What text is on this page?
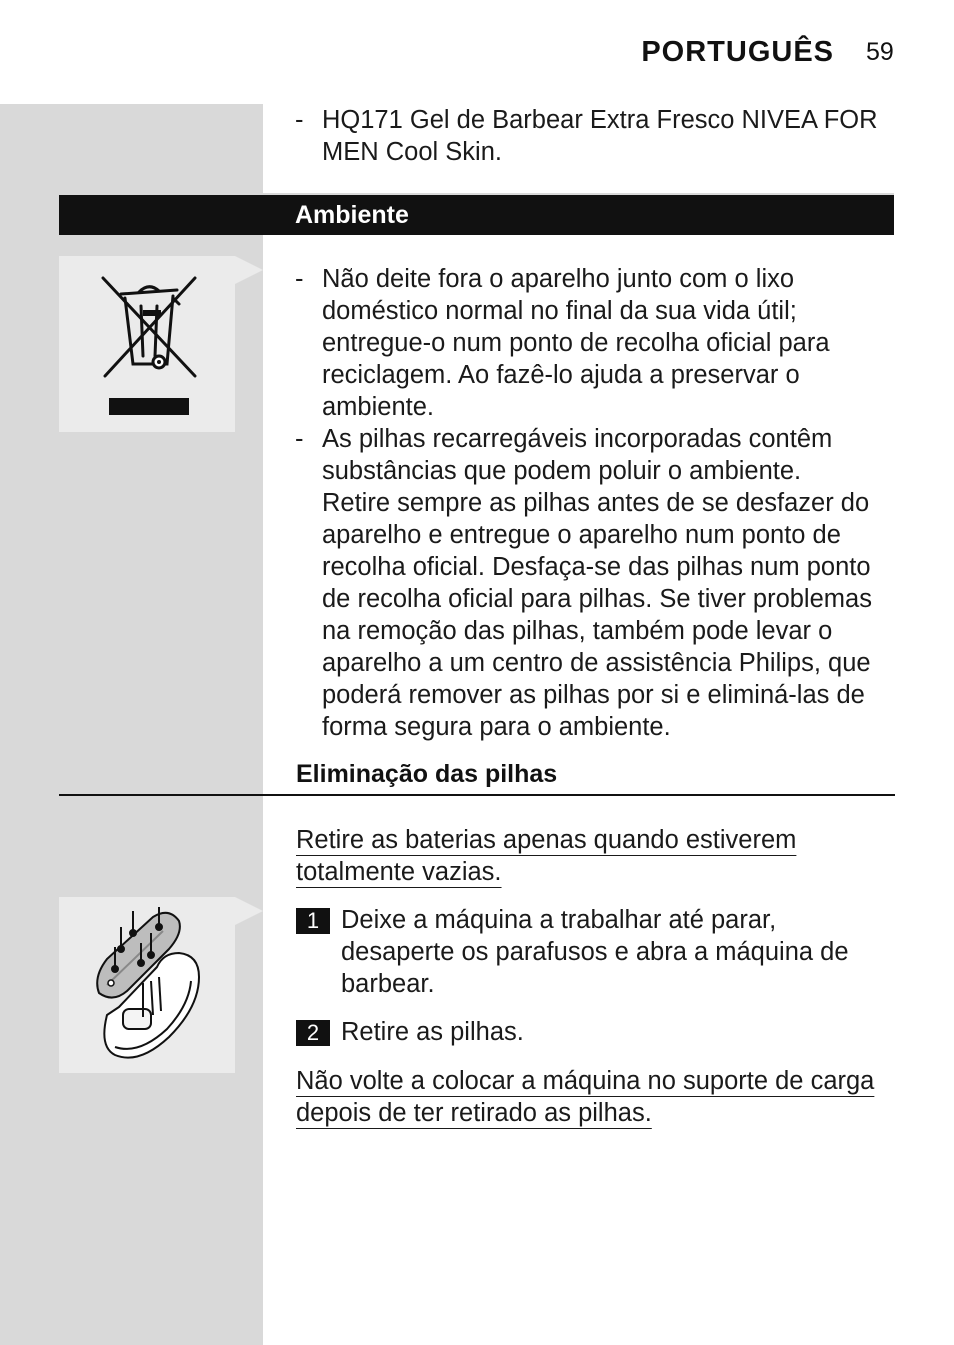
PORTUGUÊS 59
- HQ171 Gel de Barbear Extra Fresco NIVEA FOR MEN Cool Skin.
Ambiente
- Não deite fora o aparelho junto com o lixo doméstico normal no final da sua vida útil; entregue-o num ponto de recolha oficial para reciclagem. Ao fazê-lo ajuda a preservar o ambiente.
- As pilhas recarregáveis incorporadas contêm substâncias que podem poluir o ambiente. Retire sempre as pilhas antes de se desfazer do aparelho e entregue o aparelho num ponto de recolha oficial. Desfaça-se das pilhas num ponto de recolha oficial para pilhas. Se tiver problemas na remoção das pilhas, também pode levar o aparelho a um centro de assistência Philips, que poderá remover as pilhas por si e eliminá-las de forma segura para o ambiente.
Eliminação das pilhas
Retire as baterias apenas quando estiverem totalmente vazias.
1 Deixe a máquina a trabalhar até parar, desaperte os parafusos e abra a máquina de barbear.
2 Retire as pilhas.
Não volte a colocar a máquina no suporte de carga depois de ter retirado as pilhas.
